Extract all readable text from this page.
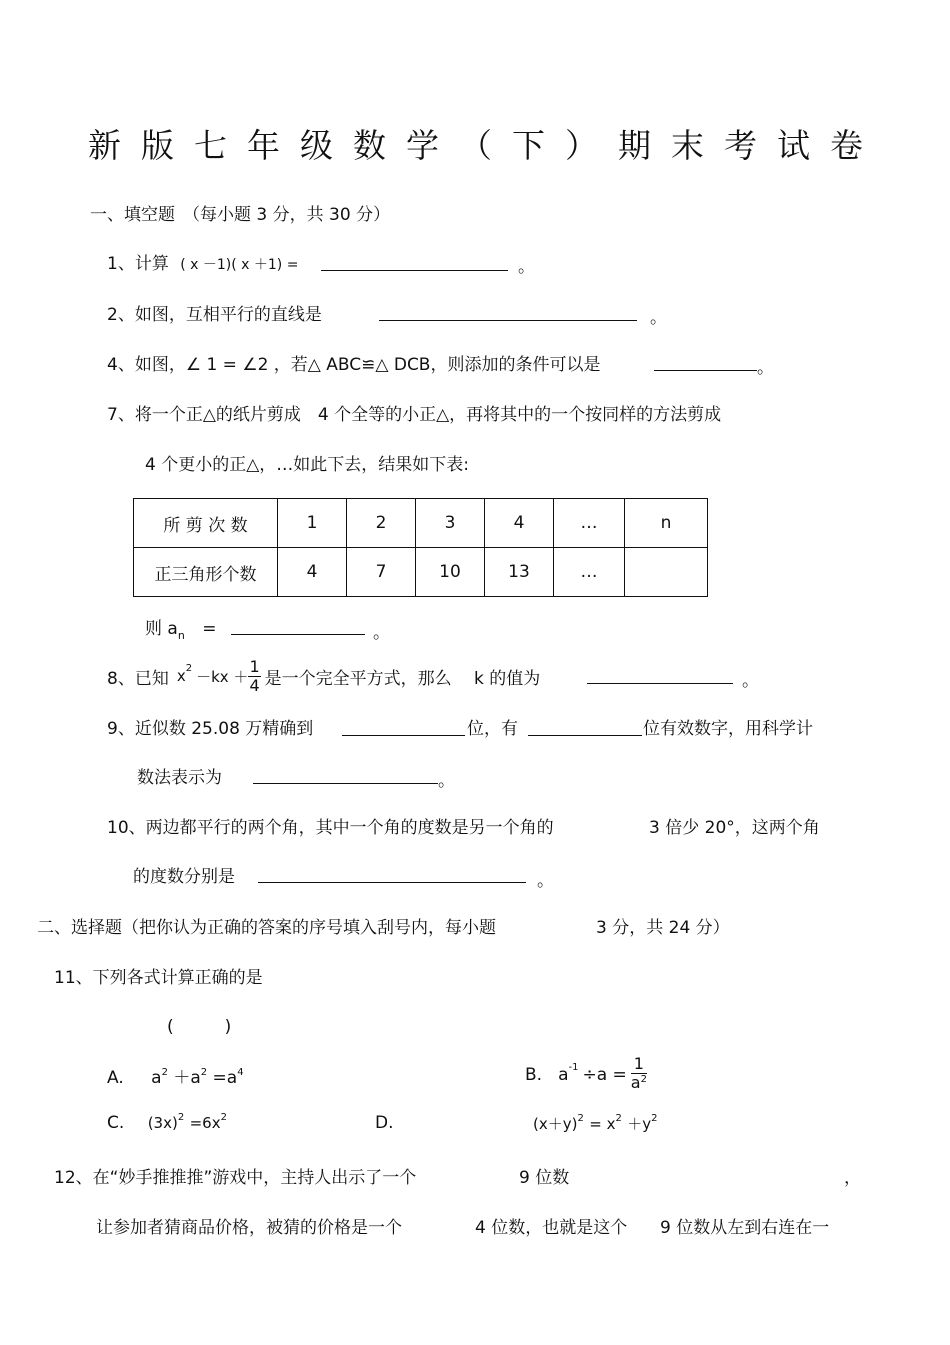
新版七年级数学（下）期末考试卷
一、填空题 （每小题 3 分，共 30 分）
1、计算 ( x －1)( x ＋1) =	。
2、如图，互相平行的直线是	。
4、如图，∠ 1 = ∠2 ，若△ ABC≌△ DCB，则添加的条件可以是	。
7、将一个正△的纸片剪成　4 个全等的小正△，再将其中的一个按同样的方法剪成
4 个更小的正△，…如此下去，结果如下表:
所 剪 次 数	1	2	3	4	…	n
正三角形个数	4	7	10	13	…	
则 $a_n$ =	。
8、已知 x $2 -kx + \frac{1}{4}$ 是一个完全平方式，那么　 k 的值为	。
9、近似数 25.08 万精确到	位，有	位有效数字，用科学计
数法表示为	。
10、两边都平行的两个角，其中一个角的度数是另一个角的	3 倍少 20°，这两个角
的度数分别是	。
二、选择题（把你认为正确的答案的序号填入刮号内，每小题	3 分，共 24 分）
11、下列各式计算正确的是
(　　　)
A. $a^2 +a^2 =a^4$	B. a $-1 \div a = \frac{1}{a^2}$
C. $(3x)^2 =6x^2$	D.	$(x+y)^2 = x^2 +y^2$
12、在“妙手推推推”游戏中，主持人出示了一个	9 位数	，
让参加者猜商品价格，被猜的价格是一个	4 位数，也就是这个 9 位数从左到右连在一
